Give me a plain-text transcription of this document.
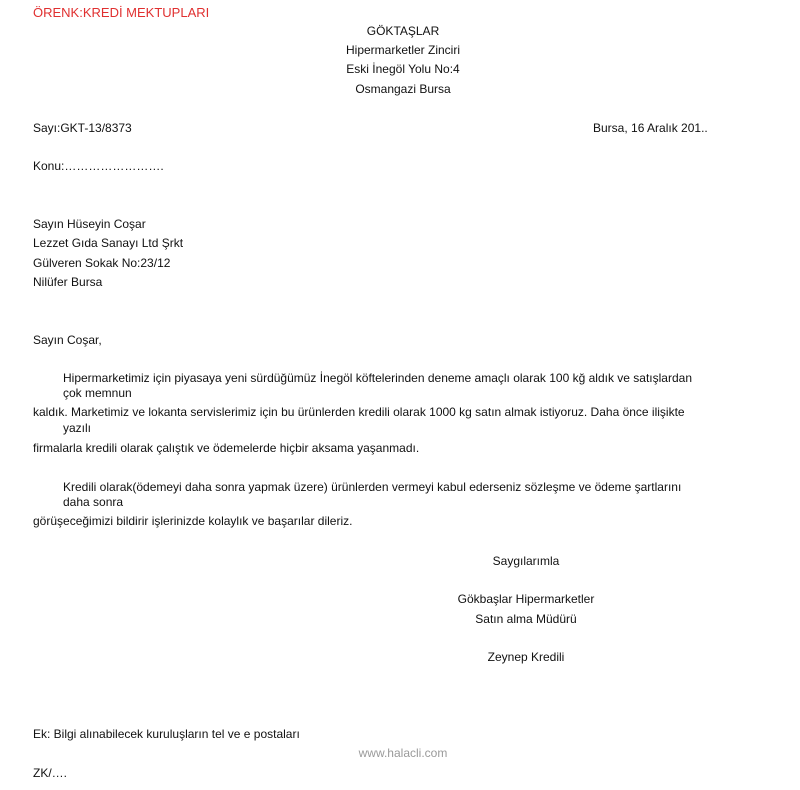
ÖRENK:KREDİ MEKTUPLARI
GÖKTAŞLAR
Hipermarketler Zinciri
Eski İnegöl Yolu No:4
Osmangazi Bursa
Sayı:GKT-13/8373	Bursa, 16 Aralık 201..
Konu:…………………….
Sayın Hüseyin Coşar
Lezzet Gıda Sanayı Ltd Şrkt
Gülveren Sokak No:23/12
Nilüfer Bursa
Sayın Coşar,
Hipermarketimiz için piyasaya yeni sürdüğümüz İnegöl köftelerinden deneme amaçlı olarak 100 kğ aldık ve satışlardan
çok memnun
kaldık. Marketimiz ve lokanta servislerimiz için bu ürünlerden kredili olarak 1000 kg satın almak istiyoruz. Daha önce ilişikte
yazılı
firmalarla kredili olarak çalıştık ve ödemelerde hiçbir aksama yaşanmadı.
Kredili olarak(ödemeyi daha sonra yapmak üzere) ürünlerden vermeyi kabul ederseniz sözleşme ve ödeme şartlarını
daha sonra
görüşeceğimizi bildirir işlerinizde kolaylık ve başarılar dileriz.
Saygılarımla
Gökbaşlar Hipermarketler
Satın alma Müdürü
Zeynep Kredili
Ek: Bilgi alınabilecek kuruluşların tel ve e postaları
www.halacli.com
ZK/….
